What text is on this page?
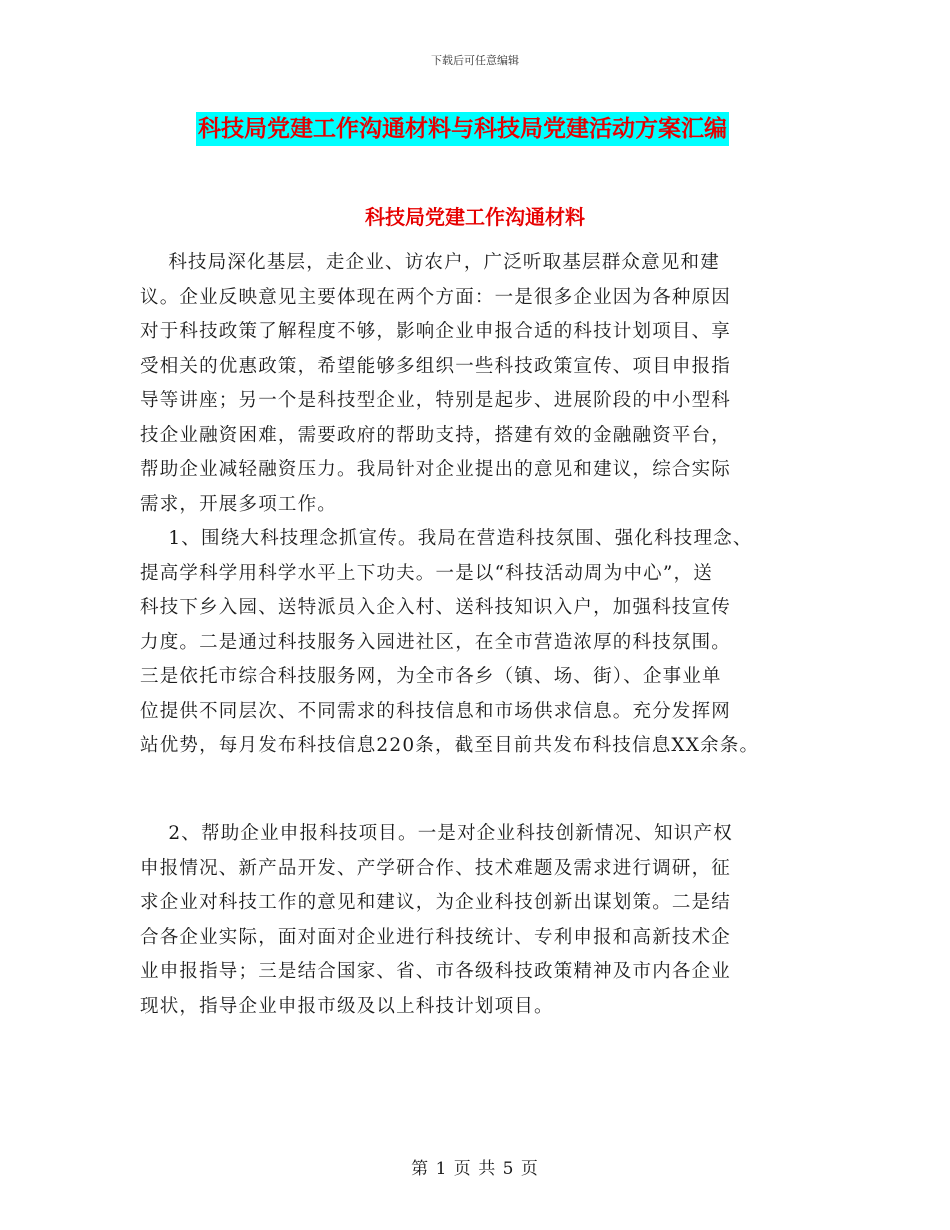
下载后可任意编辑
科技局党建工作沟通材料与科技局党建活动方案汇编
科技局党建工作沟通材料
科技局深化基层，走企业、访农户，广泛听取基层群众意见和建
议。企业反映意见主要体现在两个方面：一是很多企业因为各种原因
对于科技政策了解程度不够，影响企业申报合适的科技计划项目、享
受相关的优惠政策，希望能够多组织一些科技政策宣传、项目申报指
导等讲座；另一个是科技型企业，特别是起步、进展阶段的中小型科
技企业融资困难，需要政府的帮助支持，搭建有效的金融融资平台，
帮助企业减轻融资压力。我局针对企业提出的意见和建议，综合实际
需求，开展多项工作。
1、围绕大科技理念抓宣传。我局在营造科技氛围、强化科技理念、
提高学科学用科学水平上下功夫。一是以“科技活动周为中心”，送
科技下乡入园、送特派员入企入村、送科技知识入户，加强科技宣传
力度。二是通过科技服务入园进社区，在全市营造浓厚的科技氛围。
三是依托市综合科技服务网，为全市各乡（镇、场、街）、企事业单
位提供不同层次、不同需求的科技信息和市场供求信息。充分发挥网
站优势，每月发布科技信息220条，截至目前共发布科技信息XX余条。
2、帮助企业申报科技项目。一是对企业科技创新情况、知识产权
申报情况、新产品开发、产学研合作、技术难题及需求进行调研，征
求企业对科技工作的意见和建议，为企业科技创新出谋划策。二是结
合各企业实际，面对面对企业进行科技统计、专利申报和高新技术企
业申报指导；三是结合国家、省、市各级科技政策精神及市内各企业
现状，指导企业申报市级及以上科技计划项目。
第 1 页 共 5 页
